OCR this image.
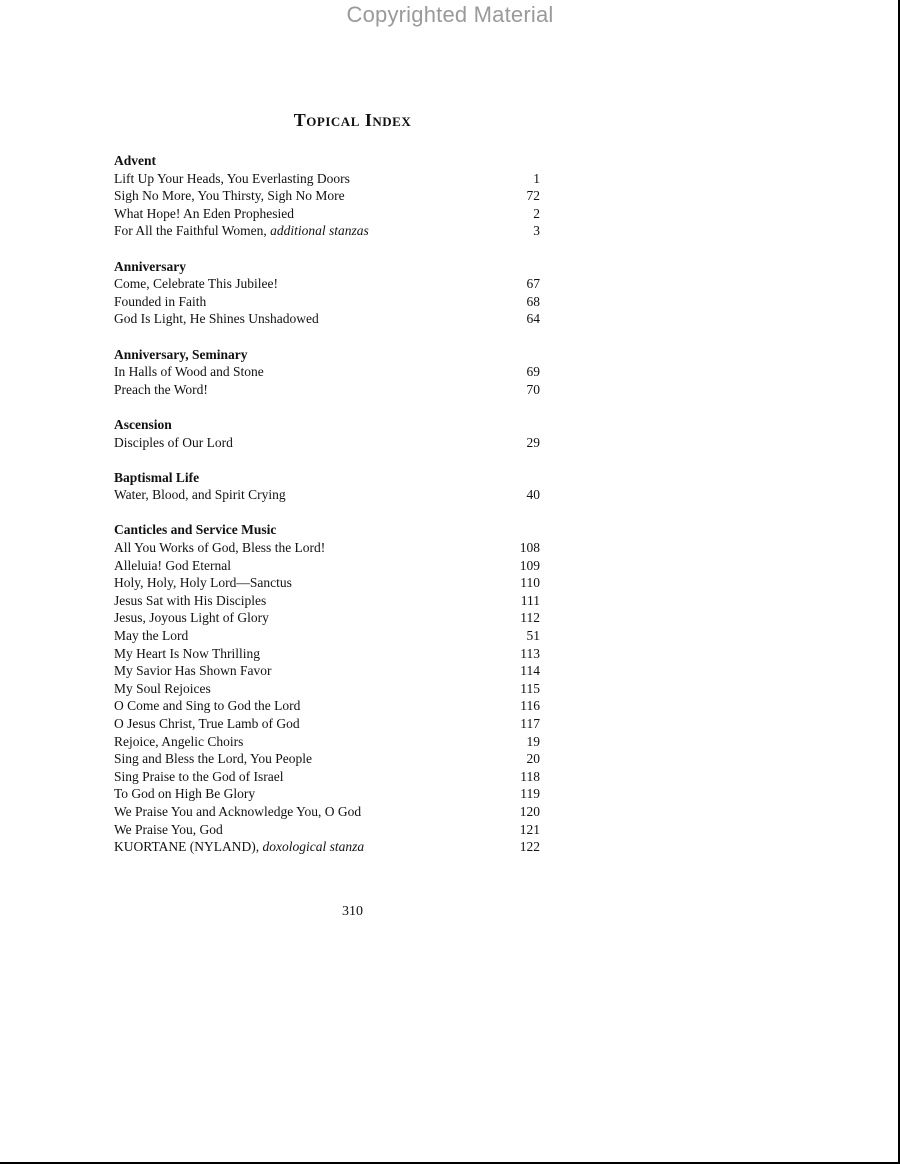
Copyrighted Material
Topical Index
Advent
Lift Up Your Heads, You Everlasting Doors	1
Sigh No More, You Thirsty, Sigh No More	72
What Hope! An Eden Prophesied	2
For All the Faithful Women, additional stanzas	3
Anniversary
Come, Celebrate This Jubilee!	67
Founded in Faith	68
God Is Light, He Shines Unshadowed	64
Anniversary, Seminary
In Halls of Wood and Stone	69
Preach the Word!	70
Ascension
Disciples of Our Lord	29
Baptismal Life
Water, Blood, and Spirit Crying	40
Canticles and Service Music
All You Works of God, Bless the Lord!	108
Alleluia! God Eternal	109
Holy, Holy, Holy Lord—Sanctus	110
Jesus Sat with His Disciples	111
Jesus, Joyous Light of Glory	112
May the Lord	51
My Heart Is Now Thrilling	113
My Savior Has Shown Favor	114
My Soul Rejoices	115
O Come and Sing to God the Lord	116
O Jesus Christ, True Lamb of God	117
Rejoice, Angelic Choirs	19
Sing and Bless the Lord, You People	20
Sing Praise to the God of Israel	118
To God on High Be Glory	119
We Praise You and Acknowledge You, O God	120
We Praise You, God	121
KUORTANE (NYLAND), doxological stanza	122
310
